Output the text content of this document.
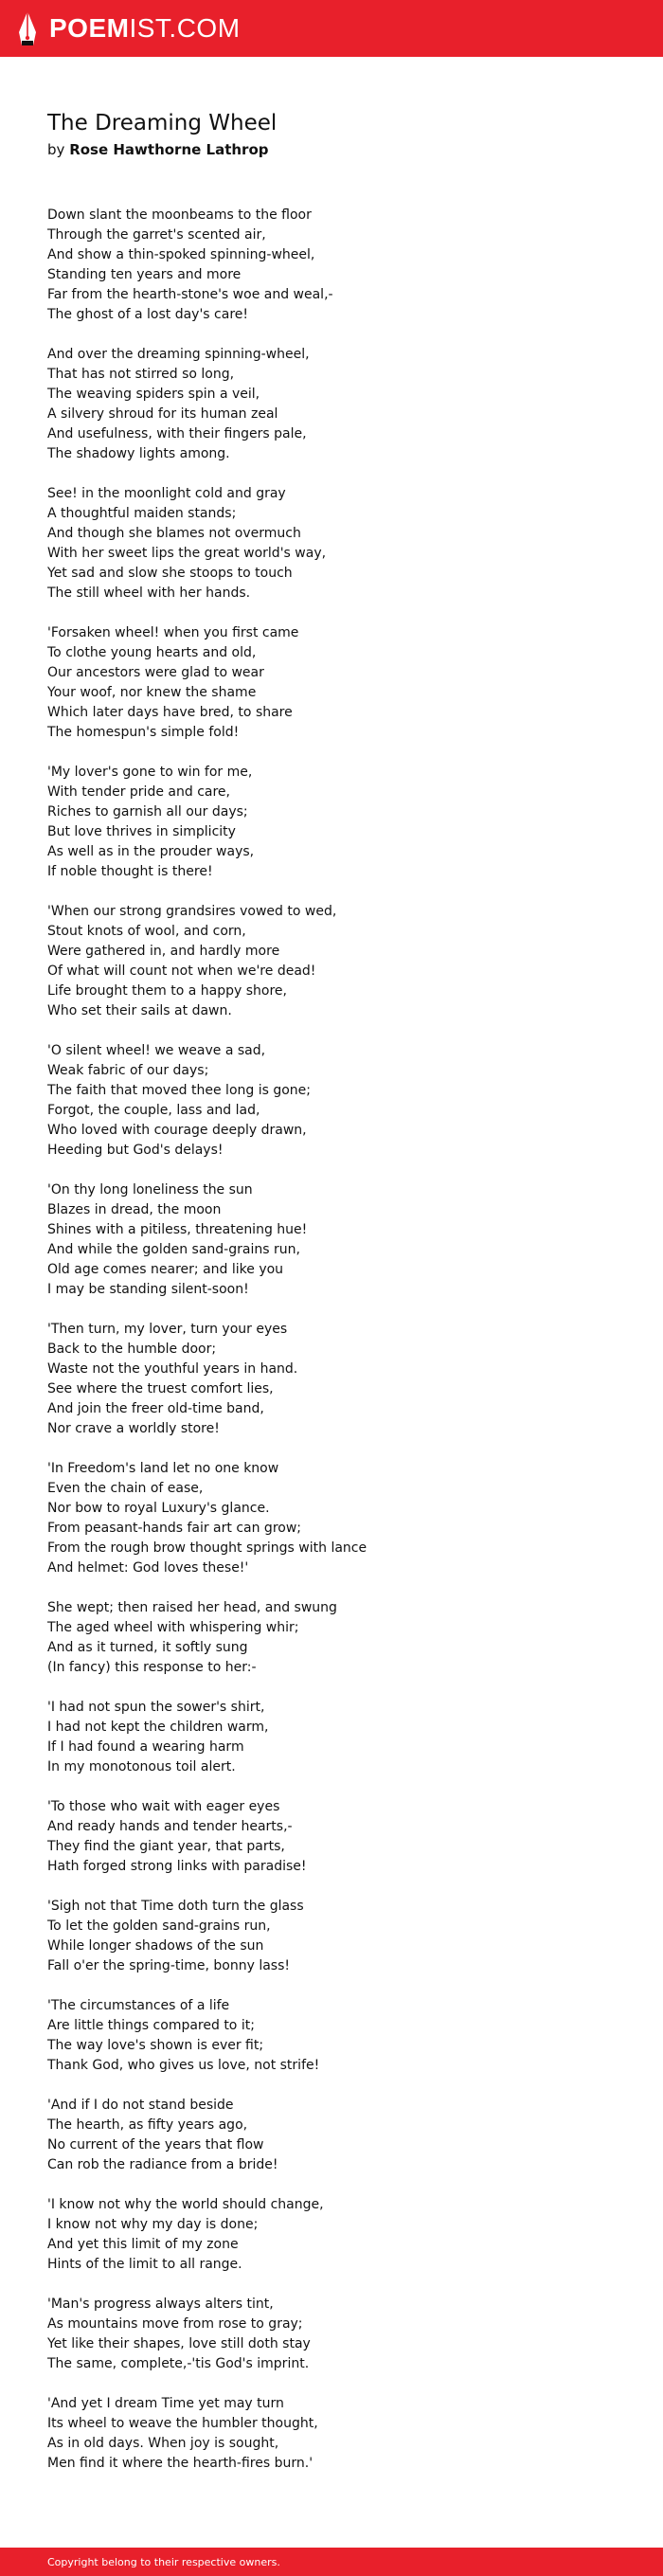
POEMIST.COM
The Dreaming Wheel
by Rose Hawthorne Lathrop
Down slant the moonbeams to the floor
Through the garret's scented air,
And show a thin-spoked spinning-wheel,
Standing ten years and more
Far from the hearth-stone's woe and weal,-
The ghost of a lost day's care!
And over the dreaming spinning-wheel,
That has not stirred so long,
The weaving spiders spin a veil,
A silvery shroud for its human zeal
And usefulness, with their fingers pale,
The shadowy lights among.
See! in the moonlight cold and gray
A thoughtful maiden stands;
And though she blames not overmuch
With her sweet lips the great world's way,
Yet sad and slow she stoops to touch
The still wheel with her hands.
'Forsaken wheel! when you first came
To clothe young hearts and old,
Our ancestors were glad to wear
Your woof, nor knew the shame
Which later days have bred, to share
The homespun's simple fold!
'My lover's gone to win for me,
With tender pride and care,
Riches to garnish all our days;
But love thrives in simplicity
As well as in the prouder ways,
If noble thought is there!
'When our strong grandsires vowed to wed,
Stout knots of wool, and corn,
Were gathered in, and hardly more
Of what will count not when we're dead!
Life brought them to a happy shore,
Who set their sails at dawn.
'O silent wheel! we weave a sad,
Weak fabric of our days;
The faith that moved thee long is gone;
Forgot, the couple, lass and lad,
Who loved with courage deeply drawn,
Heeding but God's delays!
'On thy long loneliness the sun
Blazes in dread, the moon
Shines with a pitiless, threatening hue!
And while the golden sand-grains run,
Old age comes nearer; and like you
I may be standing silent-soon!
'Then turn, my lover, turn your eyes
Back to the humble door;
Waste not the youthful years in hand.
See where the truest comfort lies,
And join the freer old-time band,
Nor crave a worldly store!
'In Freedom's land let no one know
Even the chain of ease,
Nor bow to royal Luxury's glance.
From peasant-hands fair art can grow;
From the rough brow thought springs with lance
And helmet: God loves these!'
She wept; then raised her head, and swung
The aged wheel with whispering whir;
And as it turned, it softly sung
(In fancy) this response to her:-
'I had not spun the sower's shirt,
I had not kept the children warm,
If I had found a wearing harm
In my monotonous toil alert.
'To those who wait with eager eyes
And ready hands and tender hearts,-
They find the giant year, that parts,
Hath forged strong links with paradise!
'Sigh not that Time doth turn the glass
To let the golden sand-grains run,
While longer shadows of the sun
Fall o'er the spring-time, bonny lass!
'The circumstances of a life
Are little things compared to it;
The way love's shown is ever fit;
Thank God, who gives us love, not strife!
'And if I do not stand beside
The hearth, as fifty years ago,
No current of the years that flow
Can rob the radiance from a bride!
'I know not why the world should change,
I know not why my day is done;
And yet this limit of my zone
Hints of the limit to all range.
'Man's progress always alters tint,
As mountains move from rose to gray;
Yet like their shapes, love still doth stay
The same, complete,-'tis God's imprint.
'And yet I dream Time yet may turn
Its wheel to weave the humbler thought,
As in old days. When joy is sought,
Men find it where the hearth-fires burn.'
Copyright belong to their respective owners.
